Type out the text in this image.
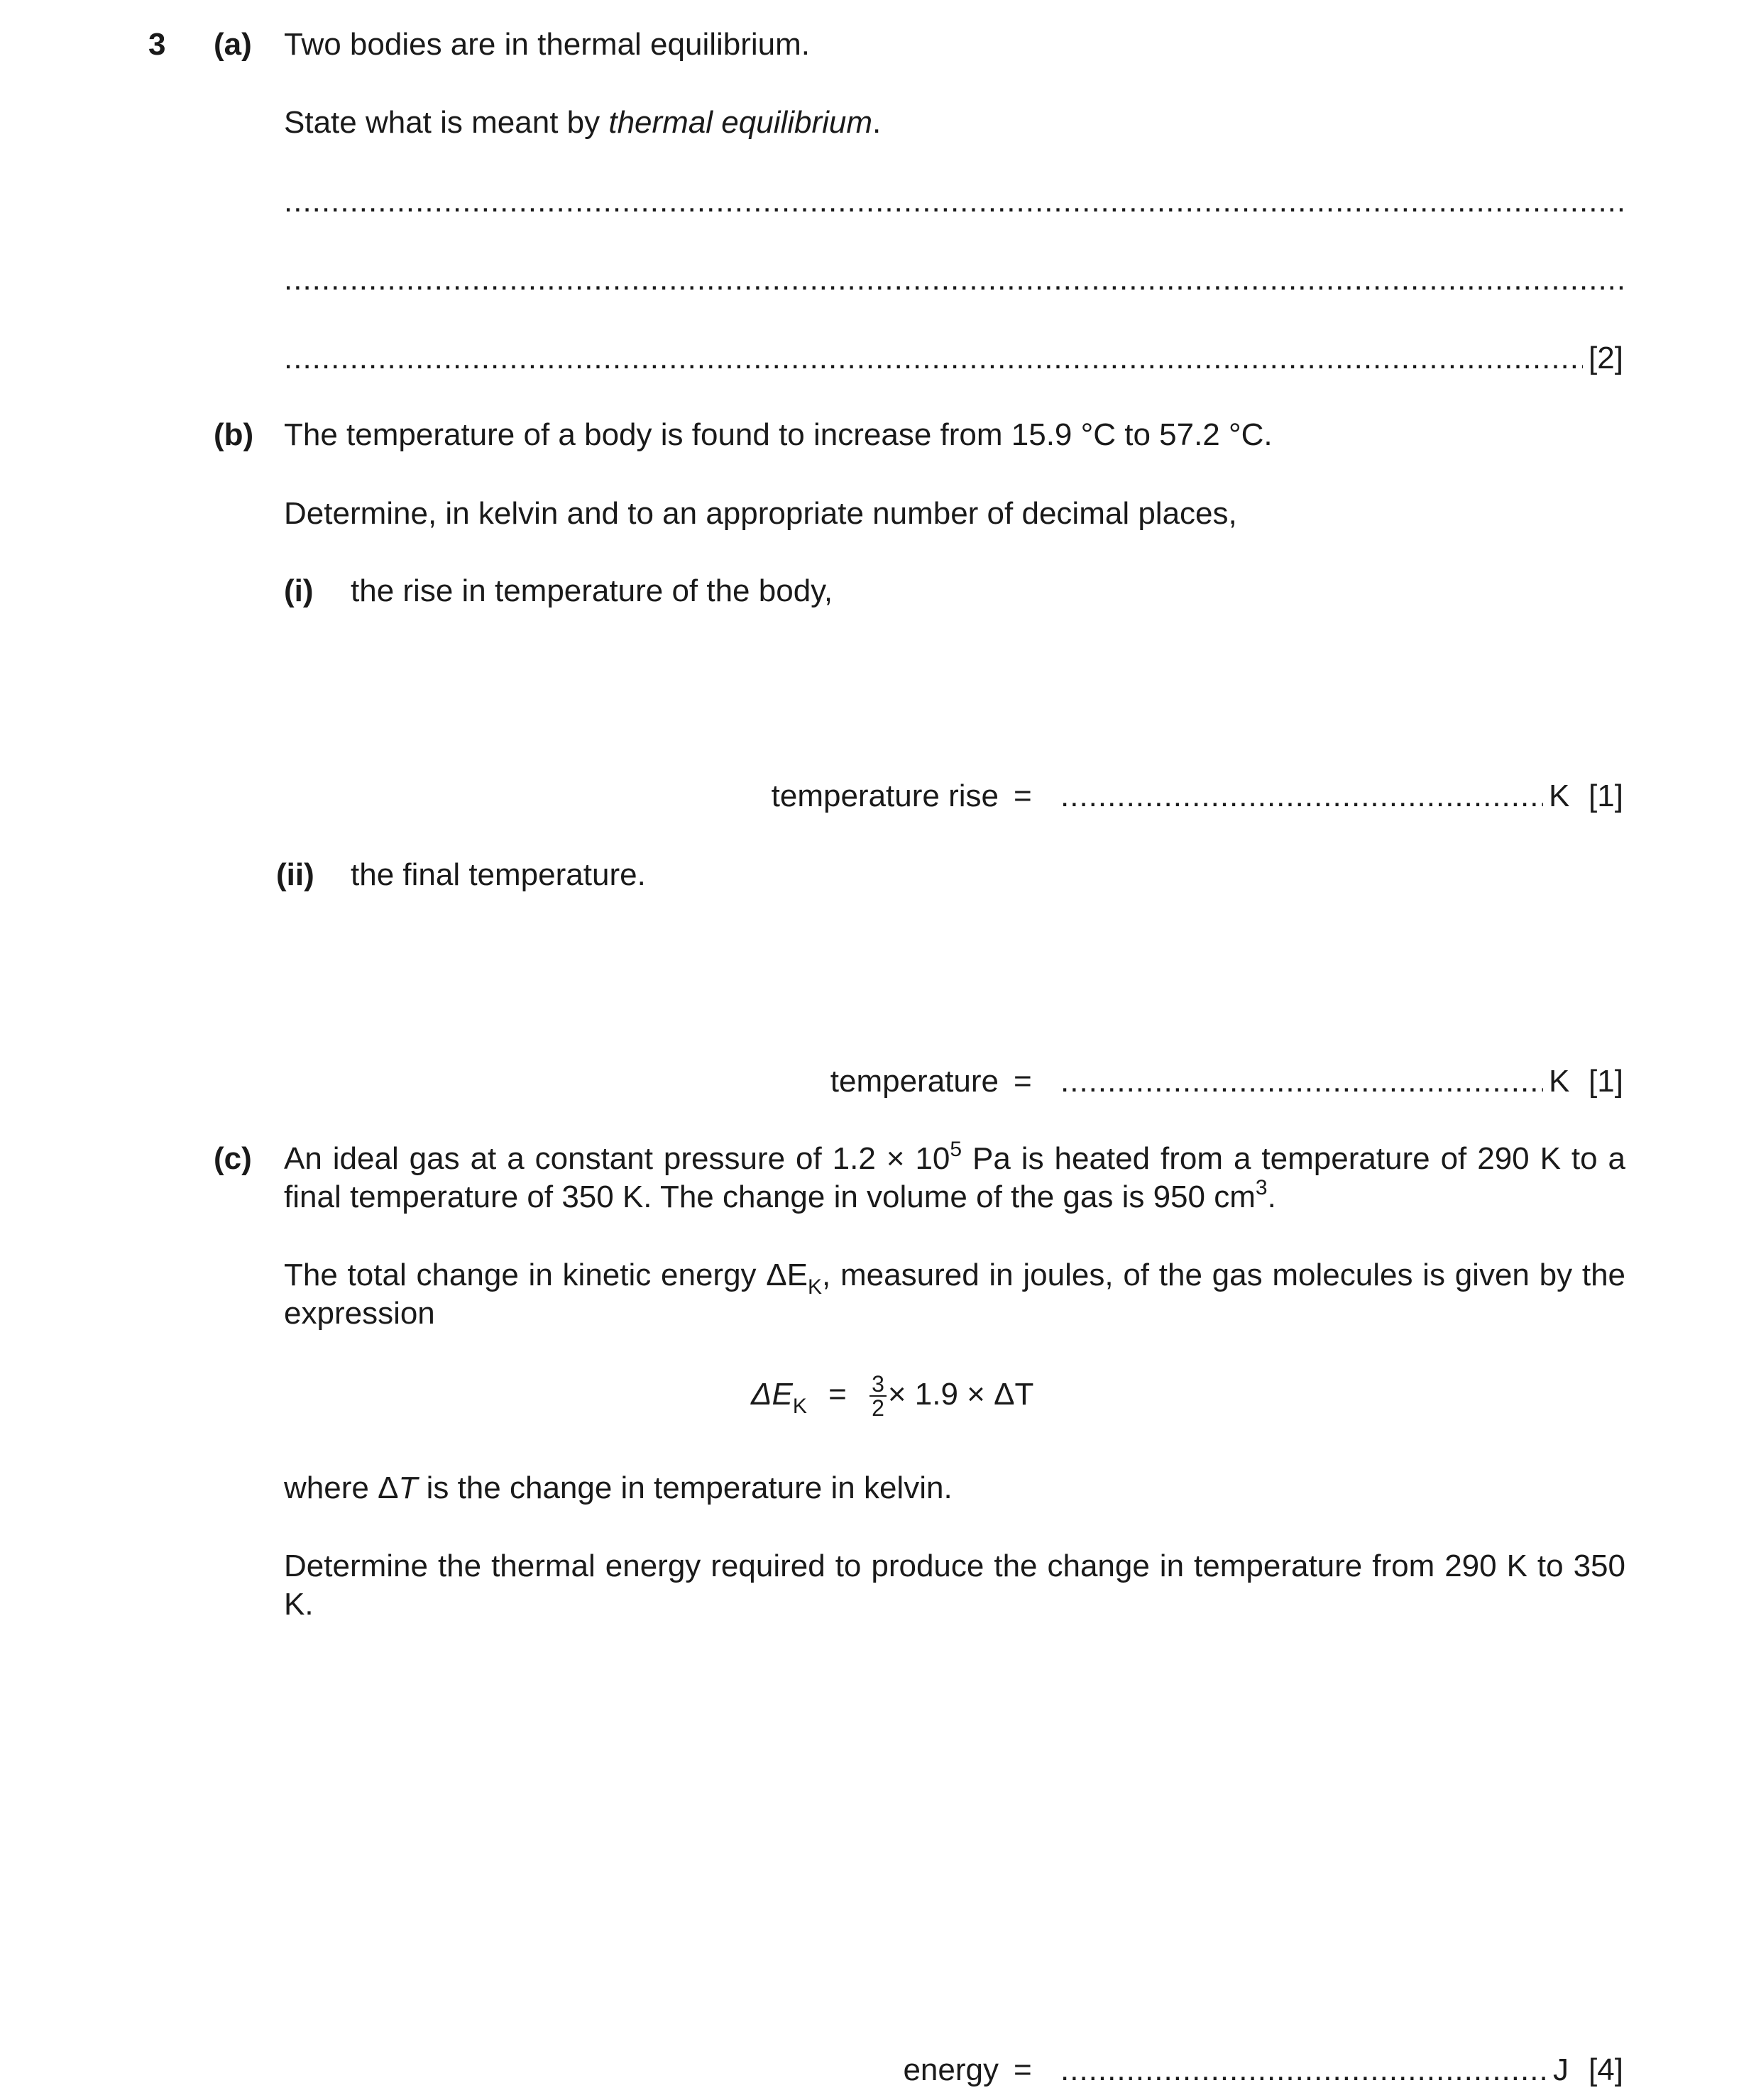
3 (a) Two bodies are in thermal equilibrium.
State what is meant by thermal equilibrium.
.....
.....
.....
[2]
(b) The temperature of a body is found to increase from 15.9 °C to 57.2 °C.
Determine, in kelvin and to an appropriate number of decimal places,
(i) the rise in temperature of the body,
temperature rise = .....	K [1]
(ii) the final temperature.
temperature = .....	K [1]
(c) An ideal gas at a constant pressure of $1.2 \times 10^5$ Pa is heated from a temperature of 290 K to a final temperature of 350 K. The change in volume of the gas is 950 $cm^3$.
The total change in kinetic energy $\Delta E_K$, measured in joules, of the gas molecules is given by the expression
$\Delta E_K = \frac{3}{2} \times 1.9 \times \Delta T$
where ΔT is the change in temperature in kelvin.
Determine the thermal energy required to produce the change in temperature from 290 K to 350 K.
energy = .....	J [4]
